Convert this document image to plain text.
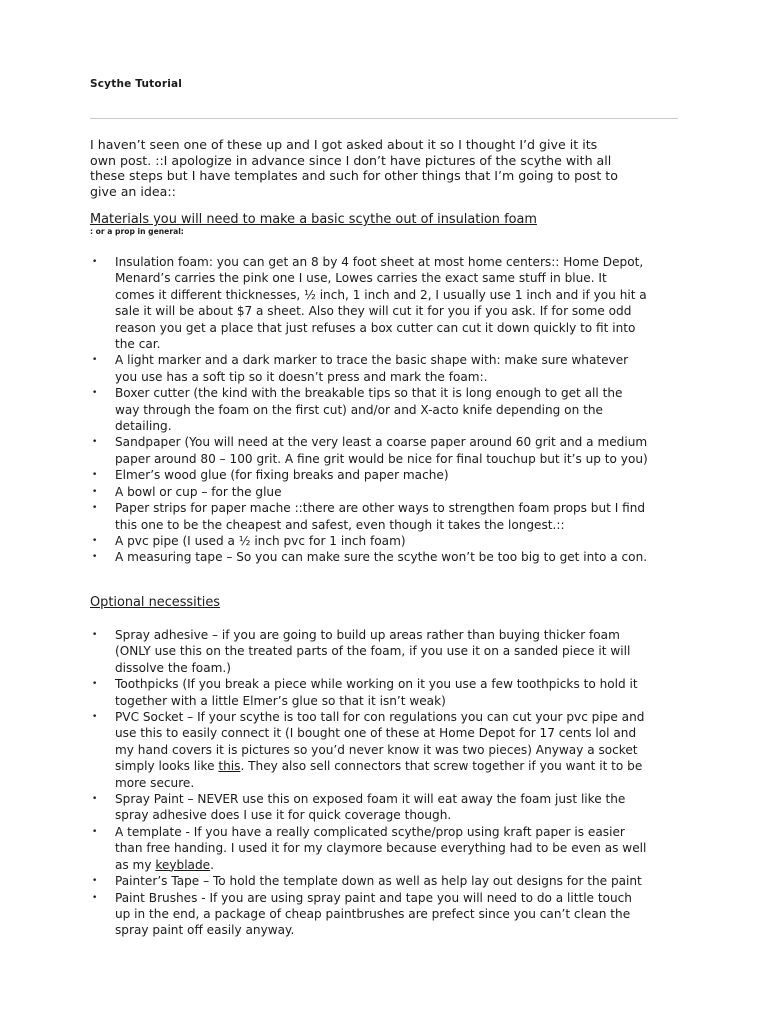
Scythe Tutorial
I haven’t seen one of these up and I got asked about it so I thought I’d give it its
own post. ::I apologize in advance since I don’t have pictures of the scythe with all
these steps but I have templates and such for other things that I’m going to post to
give an idea::
Materials you will need to make a basic scythe out of insulation foam
: or a prop in general:
• Insulation foam: you can get an 8 by 4 foot sheet at most home centers:: Home Depot,
Menard’s carries the pink one I use, Lowes carries the exact same stuff in blue. It
comes it different thicknesses, ½ inch, 1 inch and 2, I usually use 1 inch and if you hit a
sale it will be about $7 a sheet. Also they will cut it for you if you ask. If for some odd
reason you get a place that just refuses a box cutter can cut it down quickly to fit into
the car.
• A light marker and a dark marker to trace the basic shape with: make sure whatever
you use has a soft tip so it doesn’t press and mark the foam:.
• Boxer cutter (the kind with the breakable tips so that it is long enough to get all the
way through the foam on the first cut) and/or and X-acto knife depending on the
detailing.
• Sandpaper (You will need at the very least a coarse paper around 60 grit and a medium
paper around 80 – 100 grit. A fine grit would be nice for final touchup but it’s up to you)
• Elmer’s wood glue (for fixing breaks and paper mache)
• A bowl or cup – for the glue
• Paper strips for paper mache ::there are other ways to strengthen foam props but I find
this one to be the cheapest and safest, even though it takes the longest.::
• A pvc pipe (I used a ½ inch pvc for 1 inch foam)
• A measuring tape – So you can make sure the scythe won’t be too big to get into a con.
Optional necessities
• Spray adhesive – if you are going to build up areas rather than buying thicker foam
(ONLY use this on the treated parts of the foam, if you use it on a sanded piece it will
dissolve the foam.)
• Toothpicks (If you break a piece while working on it you use a few toothpicks to hold it
together with a little Elmer’s glue so that it isn’t weak)
• PVC Socket – If your scythe is too tall for con regulations you can cut your pvc pipe and
use this to easily connect it (I bought one of these at Home Depot for 17 cents lol and
my hand covers it is pictures so you’d never know it was two pieces) Anyway a socket
simply looks like this. They also sell connectors that screw together if you want it to be
more secure.
• Spray Paint – NEVER use this on exposed foam it will eat away the foam just like the
spray adhesive does I use it for quick coverage though.
• A template - If you have a really complicated scythe/prop using kraft paper is easier
than free handing. I used it for my claymore because everything had to be even as well
as my keyblade.
• Painter’s Tape – To hold the template down as well as help lay out designs for the paint
• Paint Brushes - If you are using spray paint and tape you will need to do a little touch
up in the end, a package of cheap paintbrushes are prefect since you can’t clean the
spray paint off easily anyway.
